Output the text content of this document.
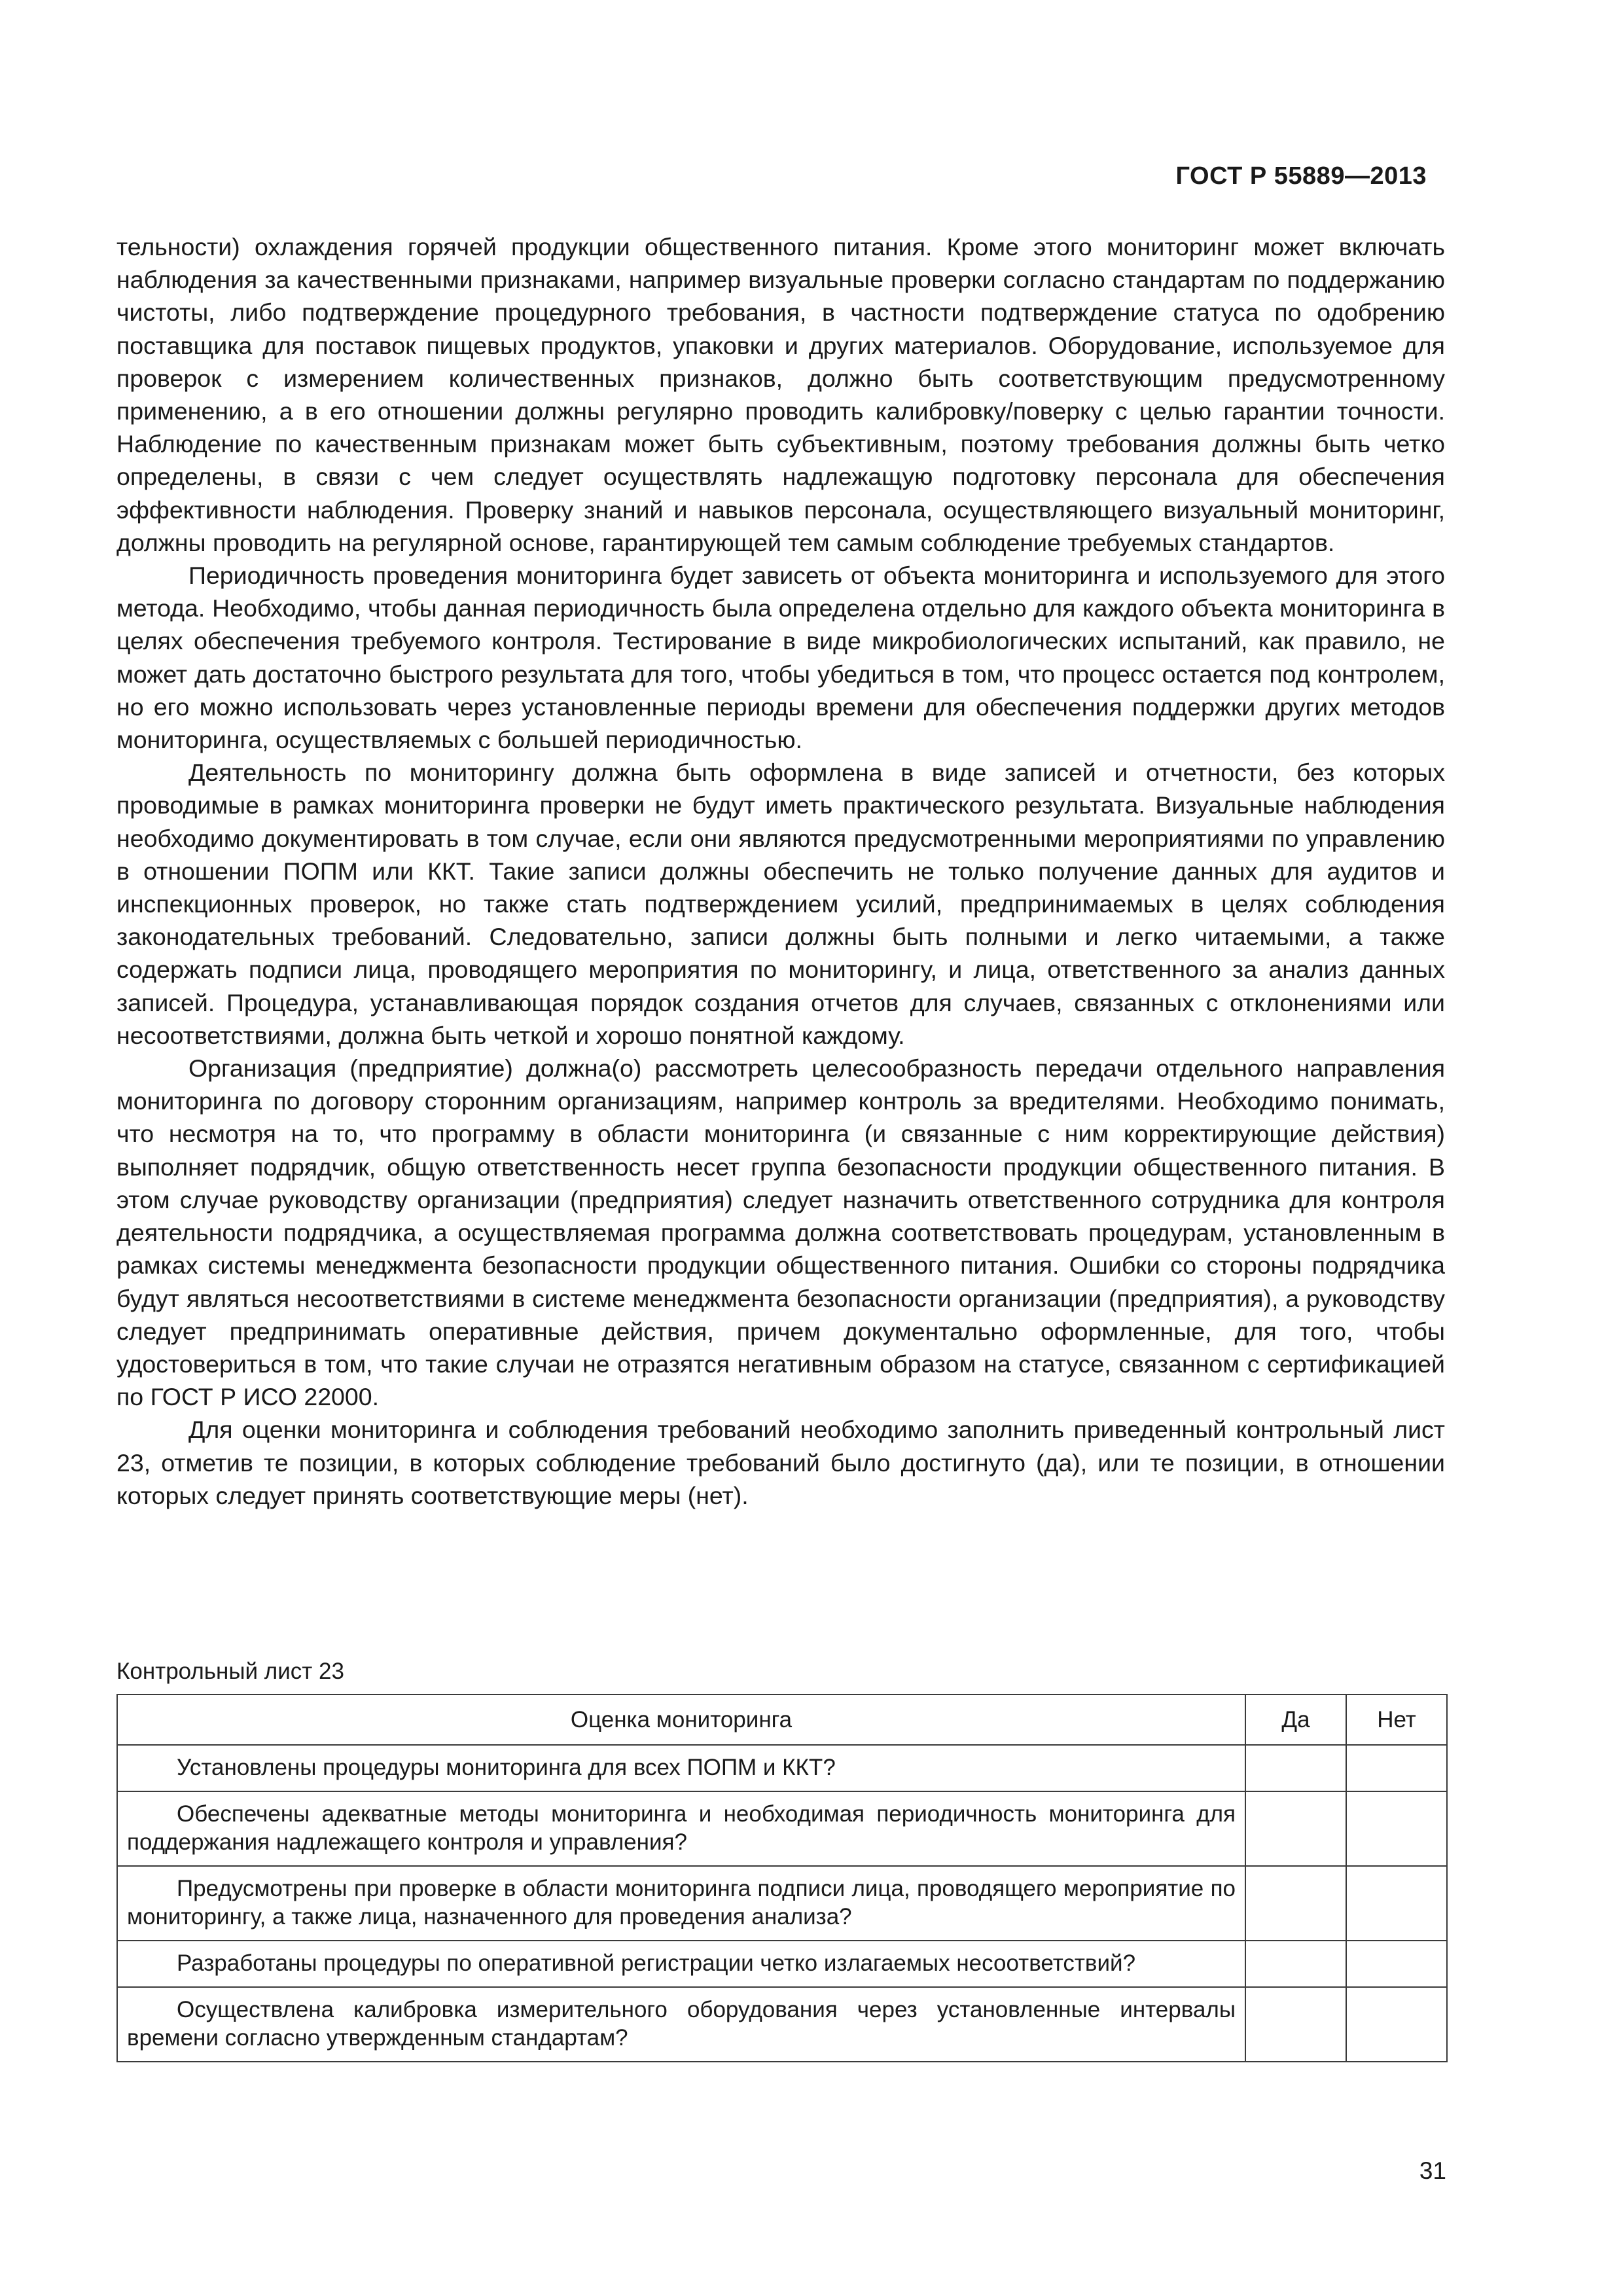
ГОСТ Р 55889—2013

тельности) охлаждения горячей продукции общественного питания. Кроме этого мониторинг может включать наблюдения за качественными признаками, например визуальные проверки согласно стандартам по поддержанию чистоты, либо подтверждение процедурного требования, в частности подтверждение статуса по одобрению поставщика для поставок пищевых продуктов, упаковки и других материалов. Оборудование, используемое для проверок с измерением количественных признаков, должно быть соответствующим предусмотренному применению, а в его отношении должны регулярно проводить калибровку/поверку с целью гарантии точности. Наблюдение по качественным признакам может быть субъективным, поэтому требования должны быть четко определены, в связи с чем следует осуществлять надлежащую подготовку персонала для обеспечения эффективности наблюдения. Проверку знаний и навыков персонала, осуществляющего визуальный мониторинг, должны проводить на регулярной основе, гарантирующей тем самым соблюдение требуемых стандартов.

Периодичность проведения мониторинга будет зависеть от объекта мониторинга и используемого для этого метода. Необходимо, чтобы данная периодичность была определена отдельно для каждого объекта мониторинга в целях обеспечения требуемого контроля. Тестирование в виде микробиологических испытаний, как правило, не может дать достаточно быстрого результата для того, чтобы убедиться в том, что процесс остается под контролем, но его можно использовать через установленные периоды времени для обеспечения поддержки других методов мониторинга, осуществляемых с большей периодичностью.

Деятельность по мониторингу должна быть оформлена в виде записей и отчетности, без которых проводимые в рамках мониторинга проверки не будут иметь практического результата. Визуальные наблюдения необходимо документировать в том случае, если они являются предусмотренными мероприятиями по управлению в отношении ПОПМ или ККТ. Такие записи должны обеспечить не только получение данных для аудитов и инспекционных проверок, но также стать подтверждением усилий, предпринимаемых в целях соблюдения законодательных требований. Следовательно, записи должны быть полными и легко читаемыми, а также содержать подписи лица, проводящего мероприятия по мониторингу, и лица, ответственного за анализ данных записей. Процедура, устанавливающая порядок создания отчетов для случаев, связанных с отклонениями или несоответствиями, должна быть четкой и хорошо понятной каждому.

Организация (предприятие) должна(о) рассмотреть целесообразность передачи отдельного направления мониторинга по договору сторонним организациям, например контроль за вредителями. Необходимо понимать, что несмотря на то, что программу в области мониторинга (и связанные с ним корректирующие действия) выполняет подрядчик, общую ответственность несет группа безопасности продукции общественного питания. В этом случае руководству организации (предприятия) следует назначить ответственного сотрудника для контроля деятельности подрядчика, а осуществляемая программа должна соответствовать процедурам, установленным в рамках системы менеджмента безопасности продукции общественного питания. Ошибки со стороны подрядчика будут являться несоответствиями в системе менеджмента безопасности организации (предприятия), а руководству следует предпринимать оперативные действия, причем документально оформленные, для того, чтобы удостовериться в том, что такие случаи не отразятся негативным образом на статусе, связанном с сертификацией по ГОСТ Р ИСО 22000.

Для оценки мониторинга и соблюдения требований необходимо заполнить приведенный контрольный лист 23, отметив те позиции, в которых соблюдение требований было достигнуто (да), или те позиции, в отношении которых следует принять соответствующие меры (нет).

Контрольный лист 23
Оценка мониторинга	Да	Нет
Установлены процедуры мониторинга для всех ПОПМ и ККТ?		
Обеспечены адекватные методы мониторинга и необходимая периодичность мониторинга для поддержания надлежащего контроля и управления?		
Предусмотрены при проверке в области мониторинга подписи лица, проводящего мероприятие по мониторингу, а также лица, назначенного для проведения анализа?		
Разработаны процедуры по оперативной регистрации четко излагаемых несоответствий?		
Осуществлена калибровка измерительного оборудования через установленные интервалы времени согласно утвержденным стандартам?		
31
